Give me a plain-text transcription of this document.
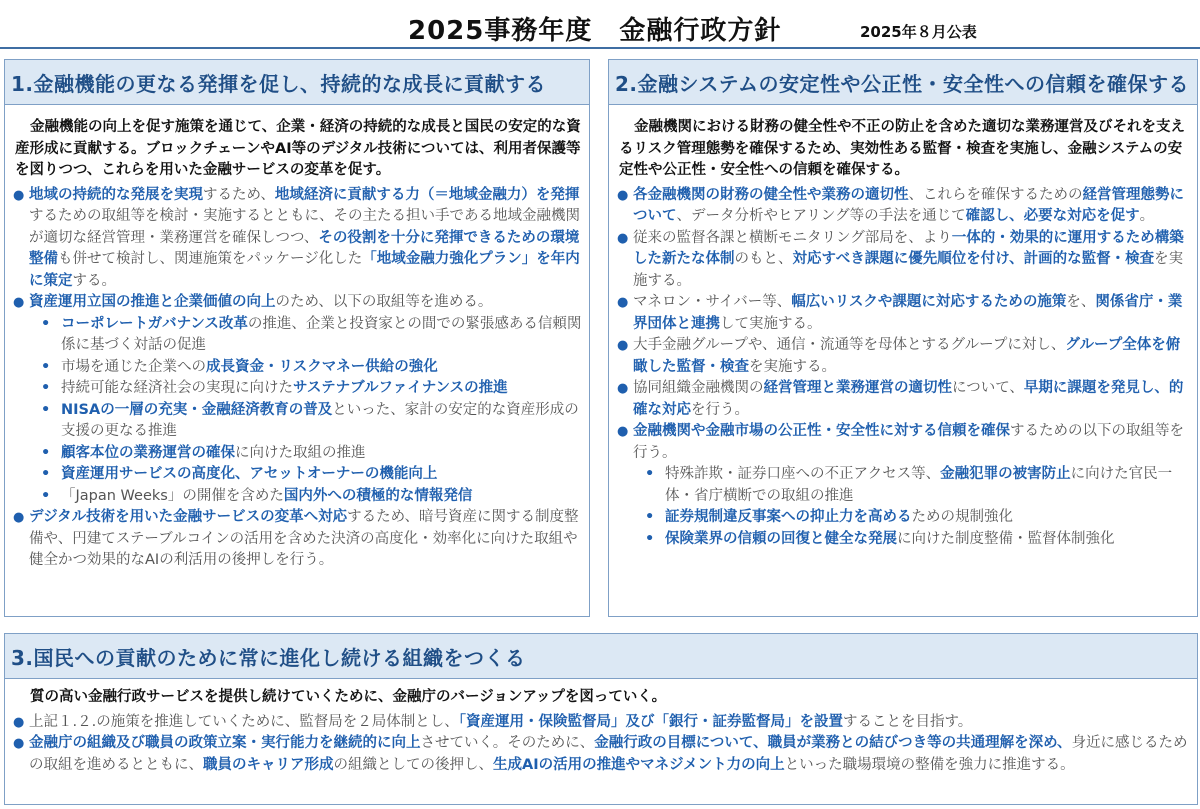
2025事務年度　金融行政方針	2025年８月公表
1.金融機能の更なる発揮を促し、持続的な成長に貢献する
金融機能の向上を促す施策を通じて、企業・経済の持続的な成長と国民の安定的な資産形成に貢献する。ブロックチェーンやAI等のデジタル技術については、利用者保護等を図りつつ、これらを用いた金融サービスの変革を促す。
● 地域の持続的な発展を実現するため、地域経済に貢献する力（＝地域金融力）を発揮するための取組等を検討・実施するとともに、その主たる担い手である地域金融機関が適切な経営管理・業務運営を確保しつつ、その役割を十分に発揮できるための環境整備も併せて検討し、関連施策をパッケージ化した「地域金融力強化プラン」を年内に策定する。
● 資産運用立国の推進と企業価値の向上のため、以下の取組等を進める。
• コーポレートガバナンス改革の推進、企業と投資家との間での緊張感ある信頼関係に基づく対話の促進
• 市場を通じた企業への成長資金・リスクマネー供給の強化
• 持続可能な経済社会の実現に向けたサステナブルファイナンスの推進
• NISAの一層の充実・金融経済教育の普及といった、家計の安定的な資産形成の支援の更なる推進
• 顧客本位の業務運営の確保に向けた取組の推進
• 資産運用サービスの高度化、アセットオーナーの機能向上
• 「Japan Weeks」の開催を含めた国内外への積極的な情報発信
● デジタル技術を用いた金融サービスの変革へ対応するため、暗号資産に関する制度整備や、円建てステーブルコインの活用を含めた決済の高度化・効率化に向けた取組や健全かつ効果的なAIの利活用の後押しを行う。
2.金融システムの安定性や公正性・安全性への信頼を確保する
金融機関における財務の健全性や不正の防止を含めた適切な業務運営及びそれを支えるリスク管理態勢を確保するため、実効性ある監督・検査を実施し、金融システムの安定性や公正性・安全性への信頼を確保する。
● 各金融機関の財務の健全性や業務の適切性、これらを確保するための経営管理態勢について、データ分析やヒアリング等の手法を通じて確認し、必要な対応を促す。
● 従来の監督各課と横断モニタリング部局を、より一体的・効果的に運用するため構築した新たな体制のもと、対応すべき課題に優先順位を付け、計画的な監督・検査を実施する。
● マネロン・サイバー等、幅広いリスクや課題に対応するための施策を、関係省庁・業界団体と連携して実施する。
● 大手金融グループや、通信・流通等を母体とするグループに対し、グループ全体を俯瞰した監督・検査を実施する。
● 協同組織金融機関の経営管理と業務運営の適切性について、早期に課題を発見し、的確な対応を行う。
● 金融機関や金融市場の公正性・安全性に対する信頼を確保するための以下の取組等を行う。
• 特殊詐欺・証券口座への不正アクセス等、金融犯罪の被害防止に向けた官民一体・省庁横断での取組の推進
• 証券規制違反事案への抑止力を高めるための規制強化
• 保険業界の信頼の回復と健全な発展に向けた制度整備・監督体制強化
3.国民への貢献のために常に進化し続ける組織をつくる
質の高い金融行政サービスを提供し続けていくために、金融庁のバージョンアップを図っていく。
● 上記１.２.の施策を推進していくために、監督局を２局体制とし、「資産運用・保険監督局」及び「銀行・証券監督局」を設置することを目指す。
● 金融庁の組織及び職員の政策立案・実行能力を継続的に向上させていく。そのために、金融行政の目標について、職員が業務との結びつき等の共通理解を深め、身近に感じるための取組を進めるとともに、職員のキャリア形成の組織としての後押し、生成AIの活用の推進やマネジメント力の向上といった職場環境の整備を強力に推進する。
